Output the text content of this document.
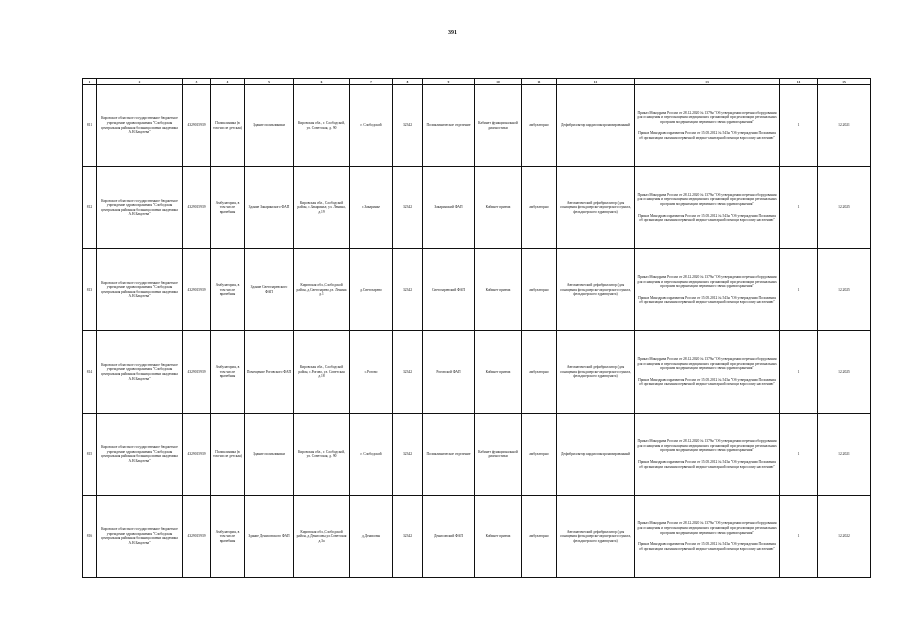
391
1	2	3	4	5	6	7	8	9	10	11	12	13	14	15
811	Кировское областное государственное бюджетное учреждение здравоохранения "Слободская центральная районная больница имени академика А.Н.Бакулева"	4329015939	Поликлиника (в том числе детская)	Здание поликлиники	Кировская обл., г. Слободской, ул. Советская, д. 90	г. Слободской	32342	Поликлиническое отделение	Кабинет функциональной диагностики	амбулаторно	Дефибриллятор кардиосинхронизированный	Приказ Минздрава России от 28.12.2020 № 1379н "Об утверждении перечня оборудования для оснащения и переоснащения медицинских организаций при реализации региональных программ модернизации первичного звена здравоохранения"
Приказ Минздравсоцразвития России от 15.05.2012 № 543н "Об утверждении Положения об организации оказания первичной медико-санитарной помощи взрослому населению"	1	12.2021
812	Кировское областное государственное бюджетное учреждение здравоохранения "Слободская центральная районная больница имени академика А.Н.Бакулева"	4329015939	Амбулатория, в том числе врачебная	Здание Закаринского ФАП	Кировская обл., Слободской район, с.Закаринье, ул. Ленина, д.19	с.Закаринье	32342	Закаринский ФАП	Кабинет приема	амбулаторно	Автоматический дефибриллятор (для оснащения фельдшерско-акушерского пункта, фельдшерского здравпункта)	Приказ Минздрава России от 28.12.2020 № 1379н "Об утверждении перечня оборудования для оснащения и переоснащения медицинских организаций при реализации региональных программ модернизации первичного звена здравоохранения"
Приказ Минздравсоцразвития России от 15.05.2012 № 543н "Об утверждении Положения об организации оказания первичной медико-санитарной помощи взрослому населению"	1	12.2025
813	Кировское областное государственное бюджетное учреждение здравоохранения "Слободская центральная районная больница имени академика А.Н.Бакулева"	4329015939	Амбулатория, в том числе врачебная	Здание Светозаревского ФАП	Кировская обл.,Слободской район, д.Светозарево,ул. Ленина д.1	д.Светозарево	32342	Светозаревский ФАП	Кабинет приема	амбулаторно	Автоматический дефибриллятор (для оснащения фельдшерско-акушерского пункта, фельдшерского здравпункта)	Приказ Минздрава России от 28.12.2020 № 1379н "Об утверждении перечня оборудования для оснащения и переоснащения медицинских организаций при реализации региональных программ модернизации первичного звена здравоохранения"
Приказ Минздравсоцразвития России от 15.05.2012 № 543н "Об утверждении Положения об организации оказания первичной медико-санитарной помощи взрослому населению"	1	12.2025
814	Кировское областное государственное бюджетное учреждение здравоохранения "Слободская центральная районная больница имени академика А.Н.Бакулева"	4329015939	Амбулатория, в том числе врачебная	Помещение Роговского ФАП	Кировская обл., Слободской район, с.Рогово, ул. Советская д.18	с.Рогово	32342	Роговской ФАП	Кабинет приема	амбулаторно	Автоматический дефибриллятор (для оснащения фельдшерско-акушерского пункта, фельдшерского здравпункта)	Приказ Минздрава России от 28.12.2020 № 1379н "Об утверждении перечня оборудования для оснащения и переоснащения медицинских организаций при реализации региональных программ модернизации первичного звена здравоохранения"
Приказ Минздравсоцразвития России от 15.05.2012 № 543н "Об утверждении Положения об организации оказания первичной медико-санитарной помощи взрослому населению"	1	12.2025
815	Кировское областное государственное бюджетное учреждение здравоохранения "Слободская центральная районная больница имени академика А.Н.Бакулева"	4329015939	Поликлиника (в том числе детская)	Здание поликлиники	Кировская обл., г. Слободской, ул. Советская, д. 90	г. Слободской	32342	Поликлиническое отделение	Кабинет функциональной диагностики	амбулаторно	Дефибриллятор кардиосинхронизированный	Приказ Минздрава России от 28.12.2020 № 1379н "Об утверждении перечня оборудования для оснащения и переоснащения медицинских организаций при реализации региональных программ модернизации первичного звена здравоохранения"
Приказ Минздравсоцразвития России от 15.05.2012 № 543н "Об утверждении Положения об организации оказания первичной медико-санитарной помощи взрослому населению"	1	12.2021
816	Кировское областное государственное бюджетное учреждение здравоохранения "Слободская центральная районная больница имени академика А.Н.Бакулева"	4329015939	Амбулатория, в том числе врачебная	Здание Денисовского ФАП	Кировская обл.,Слободской район, д.Денисовы,ул.Советская д.3а	д.Денисовы	32342	Денисовский ФАП	Кабинет приема	амбулаторно	Автоматический дефибриллятор (для оснащения фельдшерско-акушерского пункта, фельдшерского здравпункта)	Приказ Минздрава России от 28.12.2020 № 1379н "Об утверждении перечня оборудования для оснащения и переоснащения медицинских организаций при реализации региональных программ модернизации первичного звена здравоохранения"
Приказ Минздравсоцразвития России от 15.05.2012 № 543н "Об утверждении Положения об организации оказания первичной медико-санитарной помощи взрослому населению"	1	12.2022
